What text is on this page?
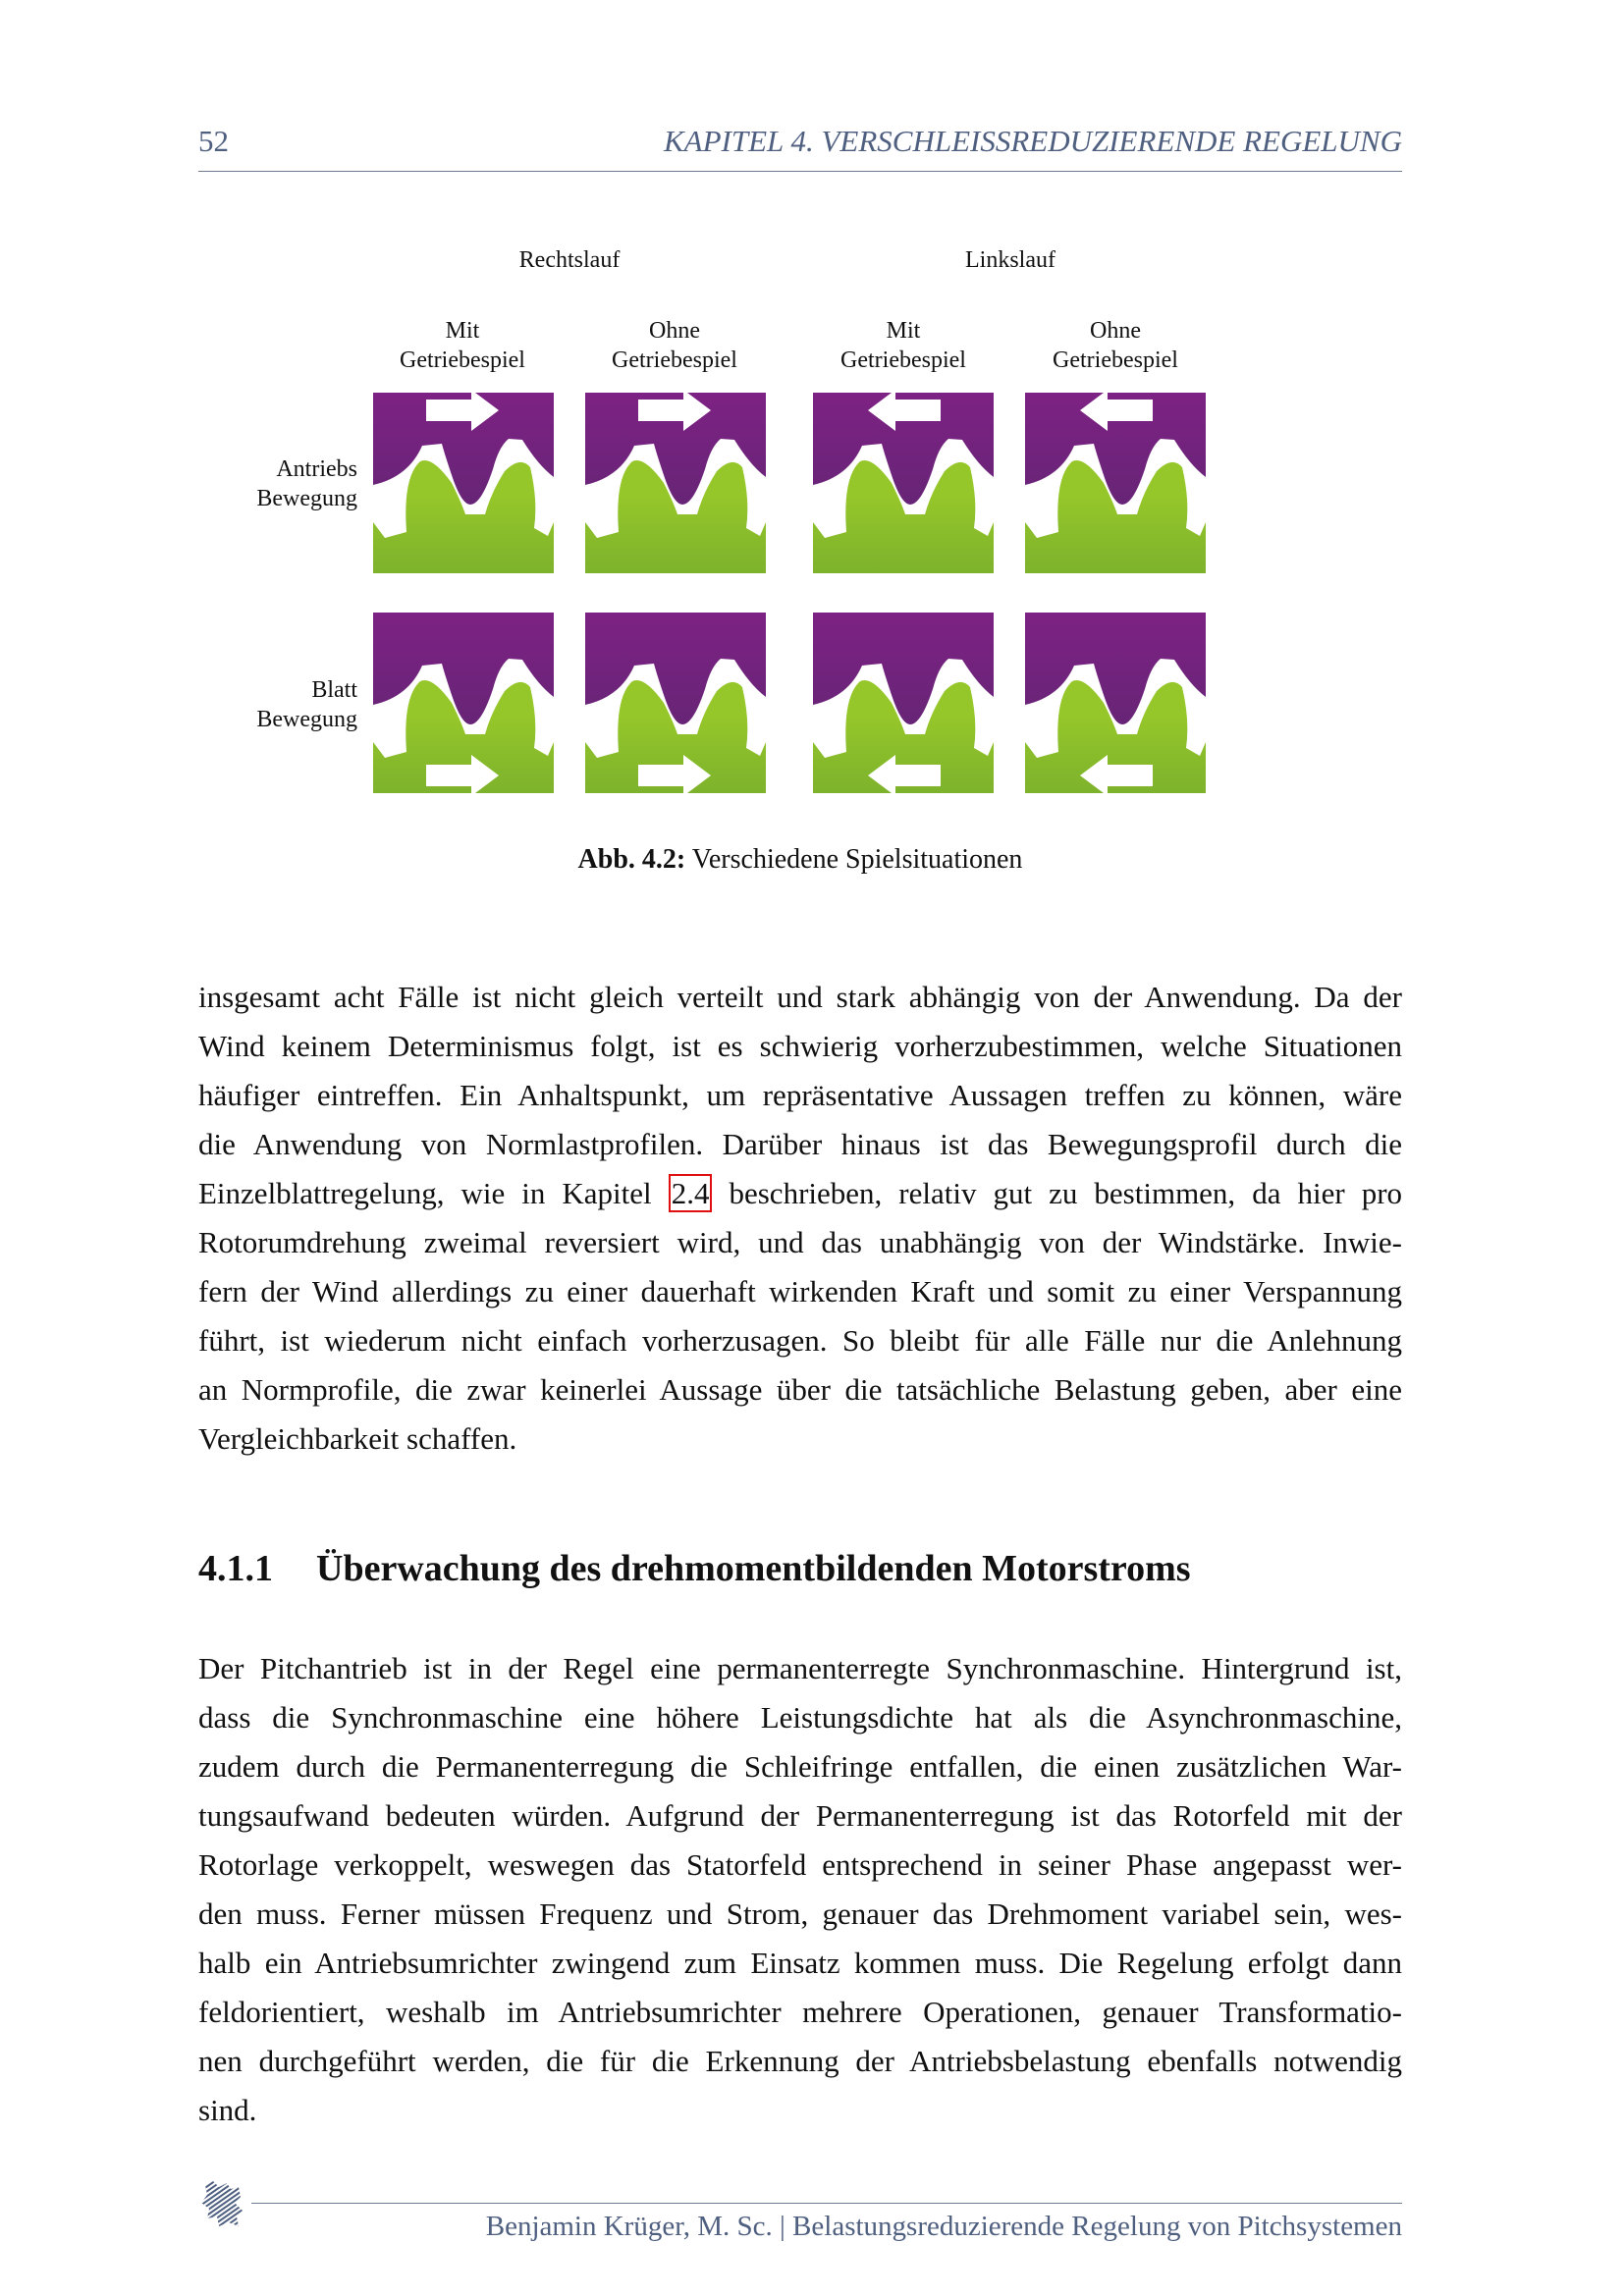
52	KAPITEL 4. VERSCHLEISSREDUZIERENDE REGELUNG
Rechtslauf	Linkslauf
Mit
Getriebespiel
Ohne
Getriebespiel
Mit
Getriebespiel
Ohne
Getriebespiel
Antriebs
Bewegung
Blatt
Bewegung
Abb. 4.2: Verschiedene Spielsituationen
insgesamt acht Fälle ist nicht gleich verteilt und stark abhängig von der Anwendung. Da der
Wind keinem Determinismus folgt, ist es schwierig vorherzubestimmen, welche Situationen
häufiger eintreffen. Ein Anhaltspunkt, um repräsentative Aussagen treffen zu können, wäre
die Anwendung von Normlastprofilen. Darüber hinaus ist das Bewegungsprofil durch die
Einzelblattregelung, wie in Kapitel 2.4 beschrieben, relativ gut zu bestimmen, da hier pro
Rotorumdrehung zweimal reversiert wird, und das unabhängig von der Windstärke. Inwie-
fern der Wind allerdings zu einer dauerhaft wirkenden Kraft und somit zu einer Verspannung
führt, ist wiederum nicht einfach vorherzusagen. So bleibt für alle Fälle nur die Anlehnung
an Normprofile, die zwar keinerlei Aussage über die tatsächliche Belastung geben, aber eine
Vergleichbarkeit schaffen.
4.1.1 Überwachung des drehmomentbildenden Motorstroms
Der Pitchantrieb ist in der Regel eine permanenterregte Synchronmaschine. Hintergrund ist,
dass die Synchronmaschine eine höhere Leistungsdichte hat als die Asynchronmaschine,
zudem durch die Permanenterregung die Schleifringe entfallen, die einen zusätzlichen War-
tungsaufwand bedeuten würden. Aufgrund der Permanenterregung ist das Rotorfeld mit der
Rotorlage verkoppelt, weswegen das Statorfeld entsprechend in seiner Phase angepasst wer-
den muss. Ferner müssen Frequenz und Strom, genauer das Drehmoment variabel sein, wes-
halb ein Antriebsumrichter zwingend zum Einsatz kommen muss. Die Regelung erfolgt dann
feldorientiert, weshalb im Antriebsumrichter mehrere Operationen, genauer Transformatio-
nen durchgeführt werden, die für die Erkennung der Antriebsbelastung ebenfalls notwendig
sind.
Benjamin Krüger, M. Sc. | Belastungsreduzierende Regelung von Pitchsystemen
